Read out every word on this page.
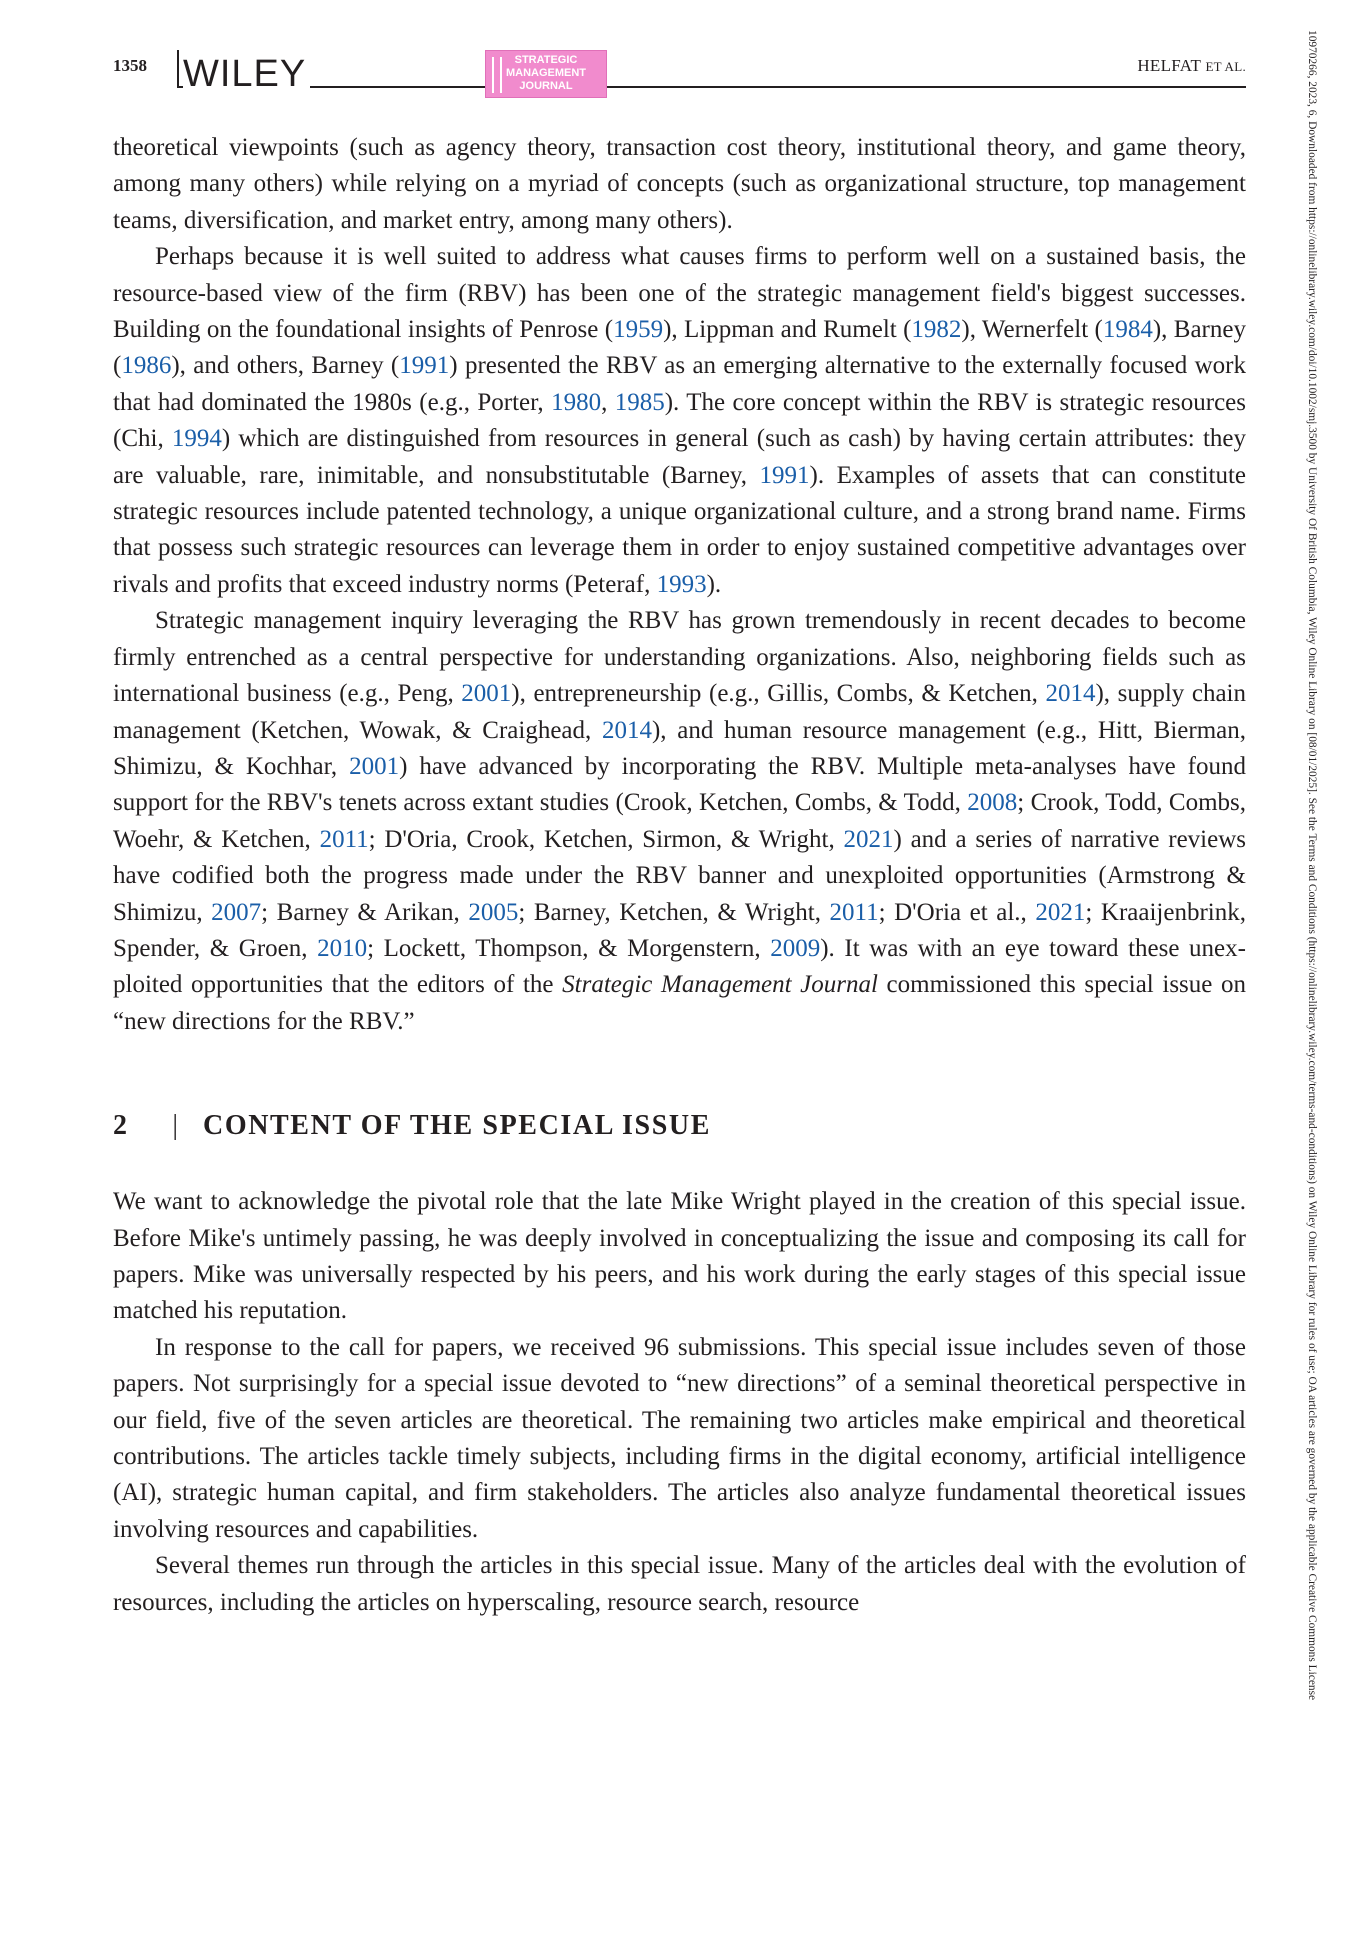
1358 WILEY	STRATEGIC
MANAGEMENT
JOURNAL
HELFAT ET AL.	10970266, 2023, 6, Downloaded from https://onlinelibrary.wiley.com/doi/10.1002/smj.3500 by University Of British Columbia, Wiley Online Library on [08/01/2025]. See the Terms and Conditions (https://onlinelibrary.wiley.com/terms-and-conditions) on Wiley Online Library for rules of use; OA articles are governed by the applicable Creative Commons License

theoretical viewpoints (such as agency theory, transaction cost theory, institutional theory, and game theory, among many others) while relying on a myriad of concepts (such as organizational structure, top management teams, diversification, and market entry, among many others).

Perhaps because it is well suited to address what causes firms to perform well on a sustained basis, the resource-based view of the firm (RBV) has been one of the strategic management field's biggest successes. Building on the foundational insights of Penrose (1959), Lippman and Rumelt (1982), Wernerfelt (1984), Barney (1986), and others, Barney (1991) presented the RBV as an emerging alternative to the externally focused work that had dominated the 1980s (e.g., Porter, 1980, 1985). The core concept within the RBV is strategic resources (Chi, 1994) which are distinguished from resources in general (such as cash) by having certain attributes: they are valuable, rare, inimitable, and nonsubstitutable (Barney, 1991). Examples of assets that can constitute strategic resources include patented technology, a unique organizational culture, and a strong brand name. Firms that possess such strategic resources can leverage them in order to enjoy sustained competitive advantages over rivals and profits that exceed industry norms (Peteraf, 1993).

Strategic management inquiry leveraging the RBV has grown tremendously in recent decades to become firmly entrenched as a central perspective for understanding organizations. Also, neighboring fields such as international business (e.g., Peng, 2001), entrepreneurship (e.g., Gillis, Combs, & Ketchen, 2014), supply chain management (Ketchen, Wowak, & Craighead, 2014), and human resource management (e.g., Hitt, Bierman, Shimizu, & Kochhar, 2001) have advanced by incorporating the RBV. Multiple meta-analyses have found support for the RBV's tenets across extant studies (Crook, Ketchen, Combs, & Todd, 2008; Crook, Todd, Combs, Woehr, & Ketchen, 2011; D'Oria, Crook, Ketchen, Sirmon, & Wright, 2021) and a series of narrative reviews have codified both the progress made under the RBV banner and unexploited opportunities (Armstrong & Shimizu, 2007; Barney & Arikan, 2005; Barney, Ketchen, & Wright, 2011; D'Oria et al., 2021; Kraaijenbrink, Spender, & Groen, 2010; Lockett, Thompson, & Morgenstern, 2009). It was with an eye toward these unexploited opportunities that the editors of the Strategic Management Journal commissioned this special issue on “new directions for the RBV.”

2 | CONTENT OF THE SPECIAL ISSUE

We want to acknowledge the pivotal role that the late Mike Wright played in the creation of this special issue. Before Mike's untimely passing, he was deeply involved in conceptualizing the issue and composing its call for papers. Mike was universally respected by his peers, and his work during the early stages of this special issue matched his reputation.

In response to the call for papers, we received 96 submissions. This special issue includes seven of those papers. Not surprisingly for a special issue devoted to “new directions” of a seminal theoretical perspective in our field, five of the seven articles are theoretical. The remaining two articles make empirical and theoretical contributions. The articles tackle timely subjects, including firms in the digital economy, artificial intelligence (AI), strategic human capital, and firm stakeholders. The articles also analyze fundamental theoretical issues involving resources and capabilities.

Several themes run through the articles in this special issue. Many of the articles deal with the evolution of resources, including the articles on hyperscaling, resource search, resource
